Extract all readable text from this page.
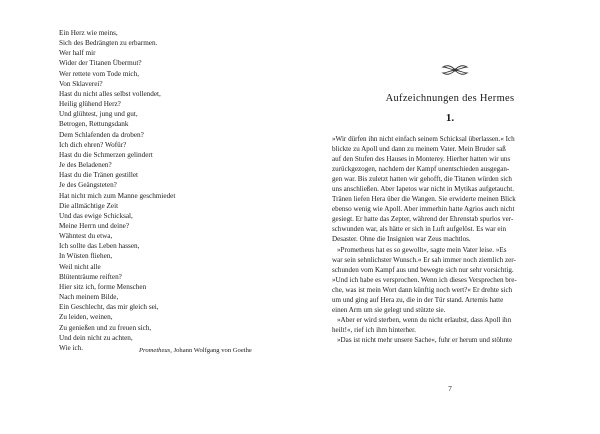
Ein Herz wie meins,
Sich des Bedrängten zu erbarmen.
Wer half mir
Wider der Titanen Übermut?
Wer rettete vom Tode mich,
Von Sklaverei?
Hast du nicht alles selbst vollendet,
Heilig glühend Herz?
Und glühtest, jung und gut,
Betrogen, Rettungsdank
Dem Schlafenden da droben?
Ich dich ehren? Wofür?
Hast du die Schmerzen gelindert
Je des Beladenen?
Hast du die Tränen gestillet
Je des Geängsteten?
Hat nicht mich zum Manne geschmiedet
Die allmächtige Zeit
Und das ewige Schicksal,
Meine Herrn und deine?
Wähntest du etwa,
Ich sollte das Leben hassen,
In Wüsten fliehen,
Weil nicht alle
Blütenträume reiften?
Hier sitz ich, forme Menschen
Nach meinem Bilde,
Ein Geschlecht, das mir gleich sei,
Zu leiden, weinen,
Zu genießen und zu freuen sich,
Und dein nicht zu achten,
Wie ich.	Prometheus, Johann Wolfgang von Goethe
Aufzeichnungen des Hermes
1.
»Wir dürfen ihn nicht einfach seinem Schicksal überlassen.« Ich
blickte zu Apoll und dann zu meinem Vater. Mein Bruder saß
auf den Stufen des Hauses in Monterey. Hierher hatten wir uns
zurückgezogen, nachdem der Kampf unentschieden ausgegan-
gen war. Bis zuletzt hatten wir gehofft, die Titanen würden sich
uns anschließen. Aber Iapetos war nicht in Mytikas aufgetaucht.
Tränen liefen Hera über die Wangen. Sie erwiderte meinen Blick
ebenso wenig wie Apoll. Aber immerhin hatte Agrios auch nicht
gesiegt. Er hatte das Zepter, während der Ehrenstab spurlos ver-
schwunden war, als hätte er sich in Luft aufgelöst. Es war ein
Desaster. Ohne die Insignien war Zeus machtlos.
»Prometheus hat es so gewollt«, sagte mein Vater leise. »Es
war sein sehnlichster Wunsch.« Er sah immer noch ziemlich zer-
schunden vom Kampf aus und bewegte sich nur sehr vorsichtig.
»Und ich habe es versprochen. Wenn ich dieses Versprechen bre-
che, was ist mein Wort dann künftig noch wert?« Er drehte sich
um und ging auf Hera zu, die in der Tür stand. Artemis hatte
einen Arm um sie gelegt und stützte sie.
»Aber er wird sterben, wenn du nicht erlaubst, dass Apoll ihn
heilt!«, rief ich ihm hinterher.
»Das ist nicht mehr unsere Sache«, fuhr er herum und stöhnte
7
